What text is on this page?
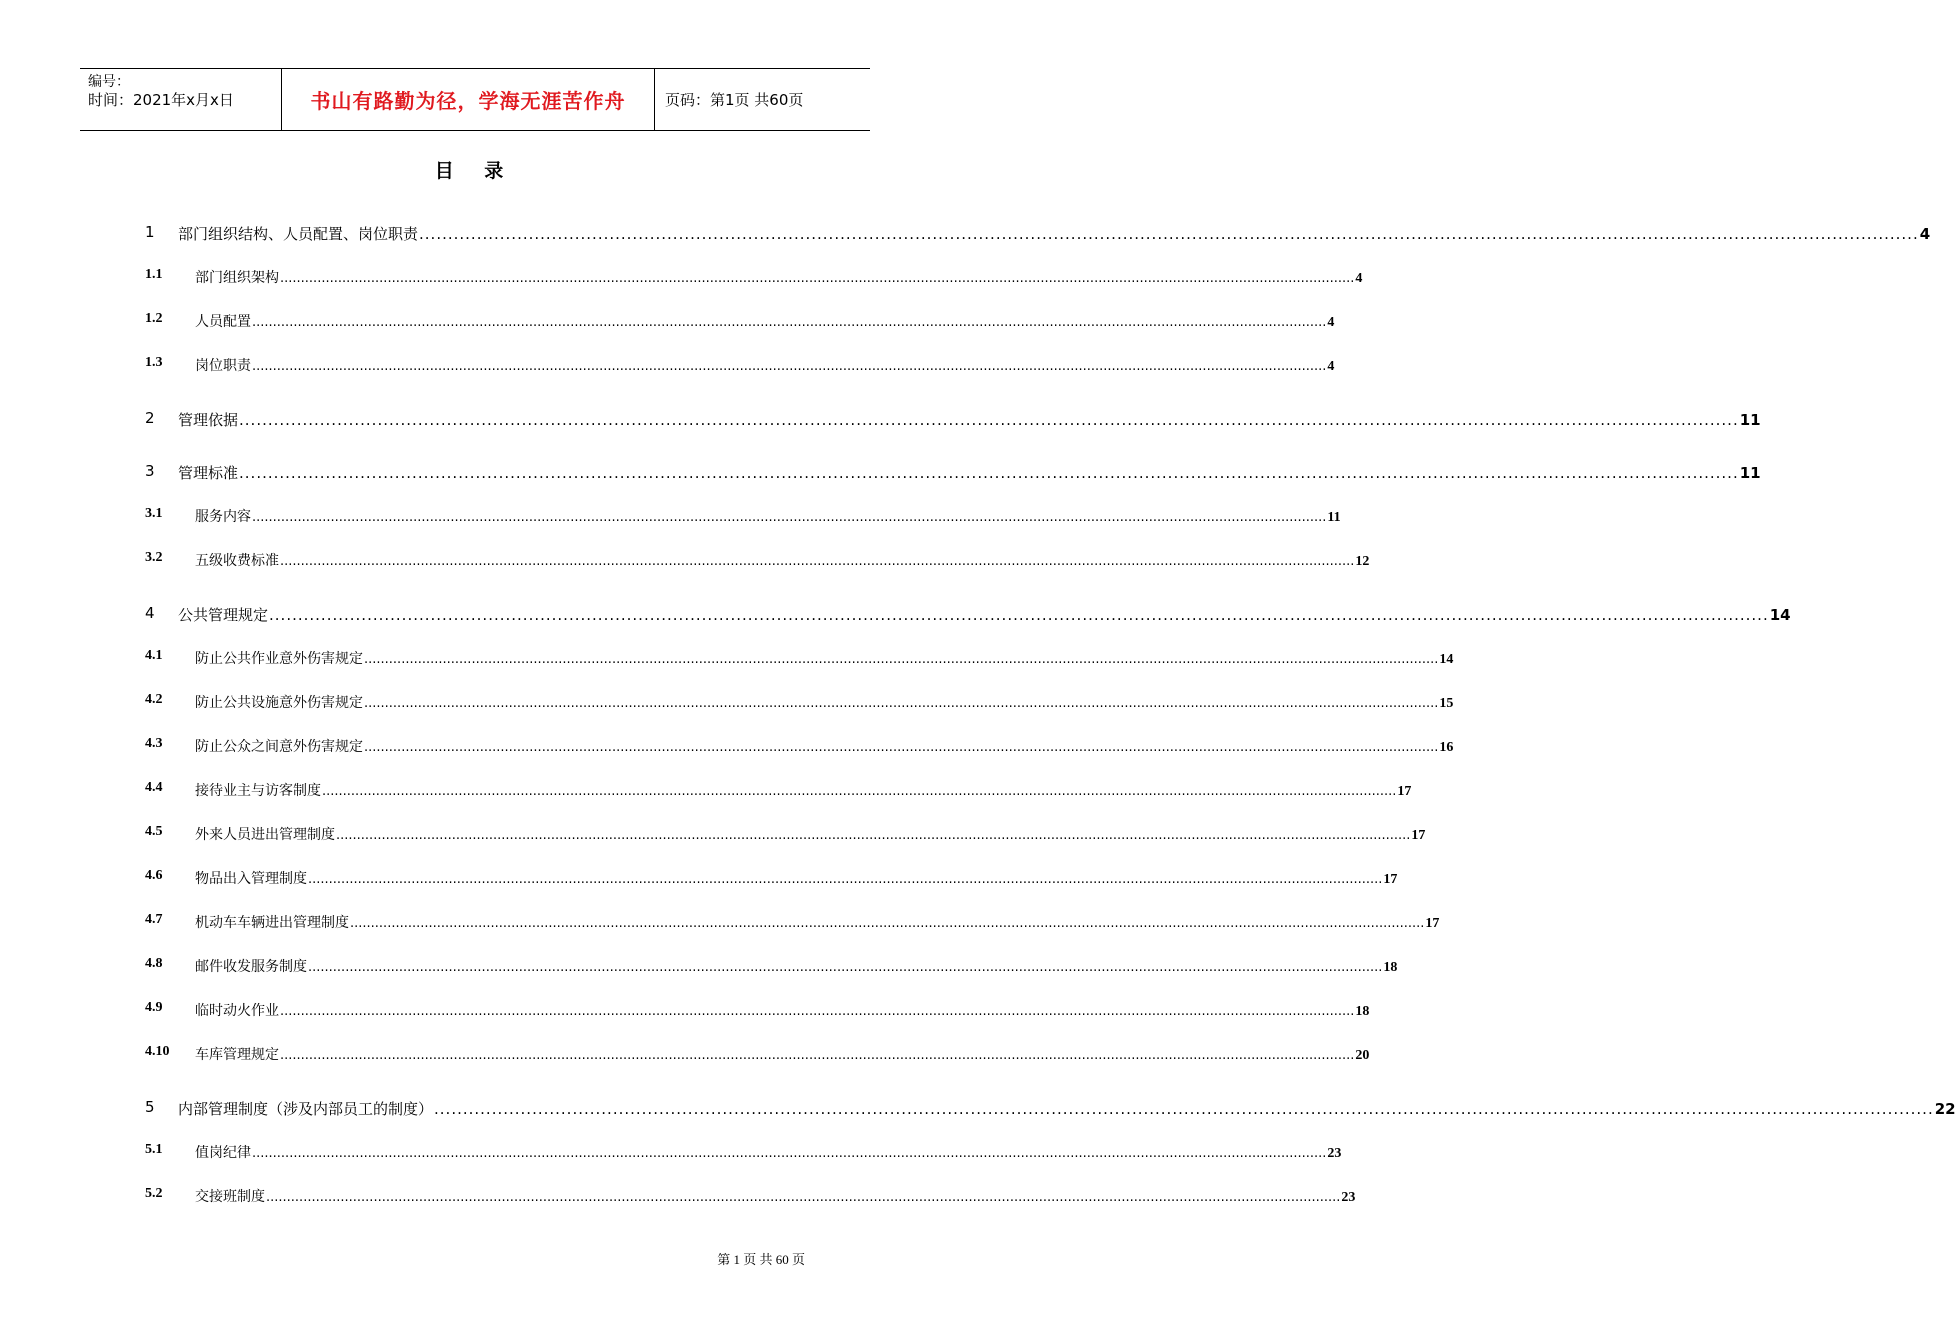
编号：
时间：2021年x月x日	书山有路勤为径，学海无涯苦作舟	页码：第1页 共60页
目 录
1 部门组织结构、人员配置、岗位职责 .................................................................................................................................................................................................................................................................... 4
1.1 部门组织架构 .................................................................................................................................................................................................................................................................... 4
1.2 人员配置 .................................................................................................................................................................................................................................................................... 4
1.3 岗位职责 .................................................................................................................................................................................................................................................................... 4
2 管理依据 .................................................................................................................................................................................................................................................................... 11
3 管理标准 .................................................................................................................................................................................................................................................................... 11
3.1 服务内容 .................................................................................................................................................................................................................................................................... 11
3.2 五级收费标准 .................................................................................................................................................................................................................................................................... 12
4 公共管理规定 .................................................................................................................................................................................................................................................................... 14
4.1 防止公共作业意外伤害规定 .................................................................................................................................................................................................................................................................... 14
4.2 防止公共设施意外伤害规定 .................................................................................................................................................................................................................................................................... 15
4.3 防止公众之间意外伤害规定 .................................................................................................................................................................................................................................................................... 16
4.4 接待业主与访客制度 .................................................................................................................................................................................................................................................................... 17
4.5 外来人员进出管理制度 .................................................................................................................................................................................................................................................................... 17
4.6 物品出入管理制度 .................................................................................................................................................................................................................................................................... 17
4.7 机动车车辆进出管理制度 .................................................................................................................................................................................................................................................................... 17
4.8 邮件收发服务制度 .................................................................................................................................................................................................................................................................... 18
4.9 临时动火作业 .................................................................................................................................................................................................................................................................... 18
4.10 车库管理规定 .................................................................................................................................................................................................................................................................... 20
5 内部管理制度（涉及内部员工的制度） .................................................................................................................................................................................................................................................................... 22
5.1 值岗纪律 .................................................................................................................................................................................................................................................................... 23
5.2 交接班制度 .................................................................................................................................................................................................................................................................... 23
第 1 页 共 60 页
